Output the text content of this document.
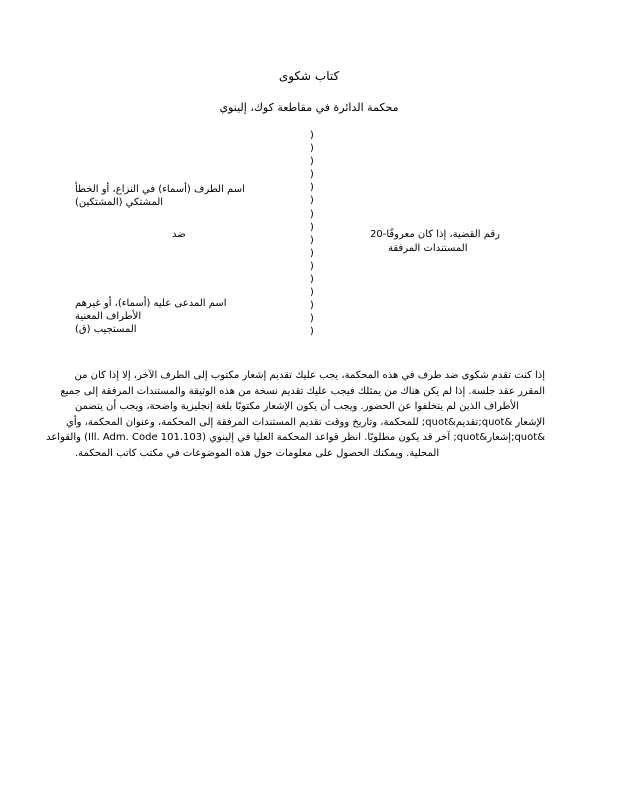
كتاب شكوى
محكمة الدائرة في مقاطعة كوك، إلينوي
)
)
)
)
)
)
)
)
)
)
)
)
)
)
)
)
اسم الطرف (أسماء) في النزاع، أو الخطأ
المشتكي (المشتكين)
ضد	رقم القضية، إذا كان معروفًا-20
المستندات المرفقة
اسم المدعى عليه (أسماء)، أو غيرهم
الأطراف المعنية
المستجيب (ق)

إذا كنت تقدم شكوى ضد طرف في هذه المحكمة، يجب عليك تقديم إشعار مكتوب إلى الطرف الآخر، إلا إذا كان من

المقرر عقد جلسة. إذا لم يكن هناك من يمثلك فيجب عليك تقديم نسخة من هذه الوثيقة والمستندات المرفقة إلى جميع

الأطراف الذين لم يتخلفوا عن الحضور. ويجب أن يكون الإشعار مكتوبًا بلغة إنجليزية واضحة، ويجب أن يتضمن

الإشعار &quot;تقديم&quot; للمحكمة، وتاريخ ووقت تقديم المستندات المرفقة إلى المحكمة، وعنوان المحكمة، وأي

&quot;إشعار&quot; آخر قد يكون مطلوبًا. انظر قواعد المحكمة العليا في إلينوي (Ill. Adm. Code 101.103) والقواعد

المحلية. ويمكنك الحصول على معلومات حول هذه الموضوعات في مكتب كاتب المحكمة.
